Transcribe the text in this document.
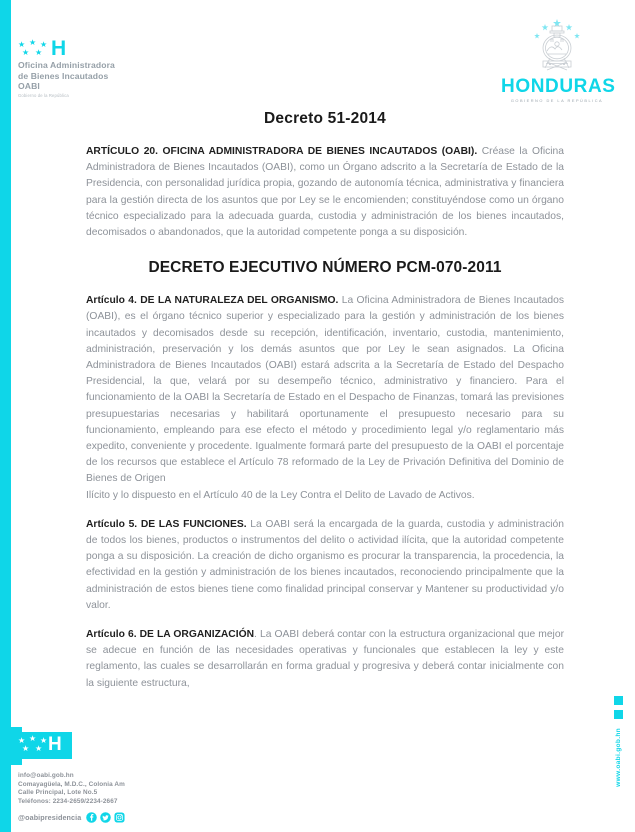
★ ★ ★
★ ★ H
Oficina Administradora
de Bienes Incautados
OABI
Gobierno de la República	HONDURAS
GOBIERNO DE LA REPÚBLICA
Decreto 51-2014

ARTÍCULO 20. OFICINA ADMINISTRADORA DE BIENES INCAUTADOS (OABI). Créase la Oficina Administradora de Bienes Incautados (OABI), como un Órgano adscrito a la Secretaría de Estado de la Presidencia, con personalidad jurídica propia, gozando de autonomía técnica, administrativa y financiera para la gestión directa de los asuntos que por Ley se le encomienden; constituyéndose como un órgano técnico especializado para la adecuada guarda, custodia y administración de los bienes incautados, decomisados o abandonados, que la autoridad competente ponga a su disposición.

DECRETO EJECUTIVO NÚMERO PCM-070-2011

Artículo 4. DE LA NATURALEZA DEL ORGANISMO. La Oficina Administradora de Bienes Incautados (OABI), es el órgano técnico superior y especializado para la gestión y administración de los bienes incautados y decomisados desde su recepción, identificación, inventario, custodia, mantenimiento, administración, preservación y los demás asuntos que por Ley le sean asignados. La Oficina Administradora de Bienes Incautados (OABI) estará adscrita a la Secretaría de Estado del Despacho Presidencial, la que, velará por su desempeño técnico, administrativo y financiero. Para el funcionamiento de la OABI la Secretaría de Estado en el Despacho de Finanzas, tomará las previsiones presupuestarias necesarias y habilitará oportunamente el presupuesto necesario para su funcionamiento, empleando para ese efecto el método y procedimiento legal y/o reglamentario más expedito, conveniente y procedente. Igualmente formará parte del presupuesto de la OABI el porcentaje de los recursos que establece el Artículo 78 reformado de la Ley de Privación Definitiva del Dominio de Bienes de Origen

Ilícito y lo dispuesto en el Artículo 40 de la Ley Contra el Delito de Lavado de Activos.

Artículo 5. DE LAS FUNCIONES. La OABI será la encargada de la guarda, custodia y administración de todos los bienes, productos o instrumentos del delito o actividad ilícita, que la autoridad competente ponga a su disposición. La creación de dicho organismo es procurar la transparencia, la procedencia, la efectividad en la gestión y administración de los bienes incautados, reconociendo principalmente que la administración de estos bienes tiene como finalidad principal conservar y Mantener su productividad y/o valor.

Artículo 6. DE LA ORGANIZACIÓN. La OABI deberá contar con la estructura organizacional que mejor se adecue en función de las necesidades operativas y funcionales que establecen la ley y este reglamento, las cuales se desarrollarán en forma gradual y progresiva y deberá contar inicialmente con la siguiente estructura,

www.oabi.gob.hn
★ ★ ★
★ ★ H
info@oabi.gob.hn
Comayagüela, M.D.C., Colonia Am
Calle Principal, Lote No.5
Teléfonos: 2234-2659/2234-2667
@oabipresidencia
